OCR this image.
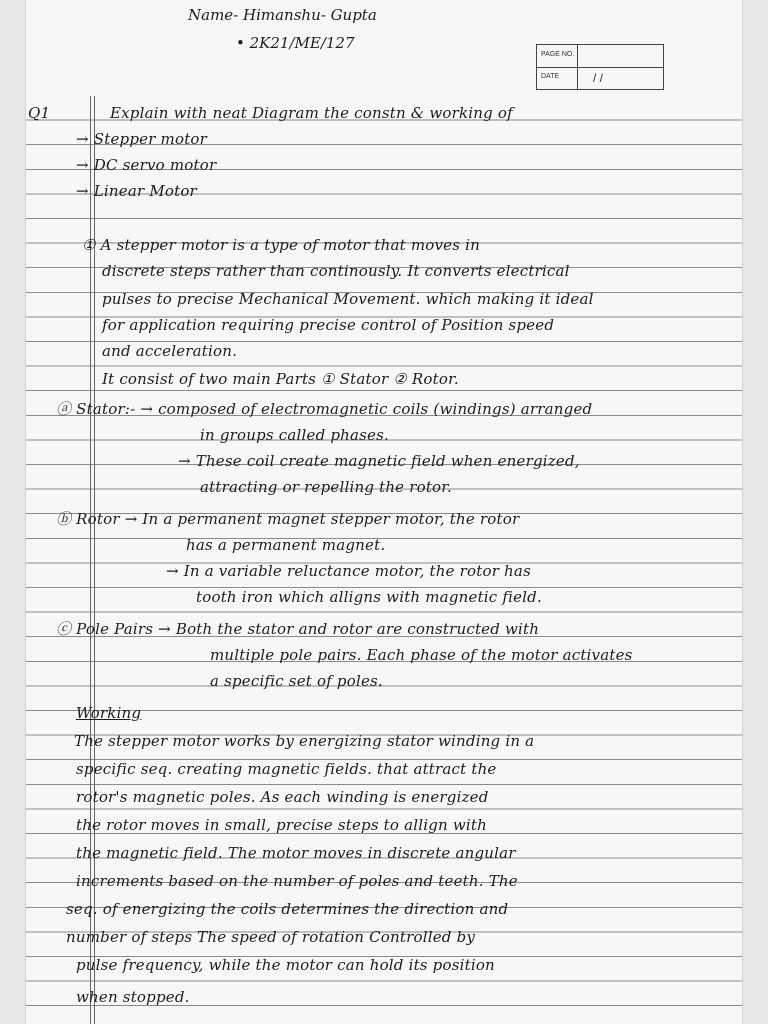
Name- Himanshu- Gupta
• 2K21/ME/127
PAGE NO.
DATE	/ /
Q1	Explain with neat Diagram the constn & working of
→ Stepper motor
→ DC servo motor
→ Linear Motor
① A stepper motor is a type of motor that moves in
discrete steps rather than continously. It converts electrical
pulses to precise Mechanical Movement. which making it ideal
for application requiring precise control of Position speed
and acceleration.
It consist of two main Parts ① Stator ② Rotor.
ⓐ Stator:- → composed of electromagnetic coils (windings) arranged
in groups called phases.
→ These coil create magnetic field when energized,
attracting or repelling the rotor.
ⓑ Rotor → In a permanent magnet stepper motor, the rotor
has a permanent magnet.
→ In a variable reluctance motor, the rotor has
tooth iron which alligns with magnetic field.
ⓒ Pole Pairs → Both the stator and rotor are constructed with
multiple pole pairs. Each phase of the motor activates
a specific set of poles.
Working
The stepper motor works by energizing stator winding in a
specific seq. creating magnetic fields. that attract the
rotor's magnetic poles. As each winding is energized
the rotor moves in small, precise steps to allign with
the magnetic field. The motor moves in discrete angular
increments based on the number of poles and teeth. The
seq. of energizing the coils determines the direction and
number of steps The speed of rotation Controlled by
pulse frequency, while the motor can hold its position
when stopped.
